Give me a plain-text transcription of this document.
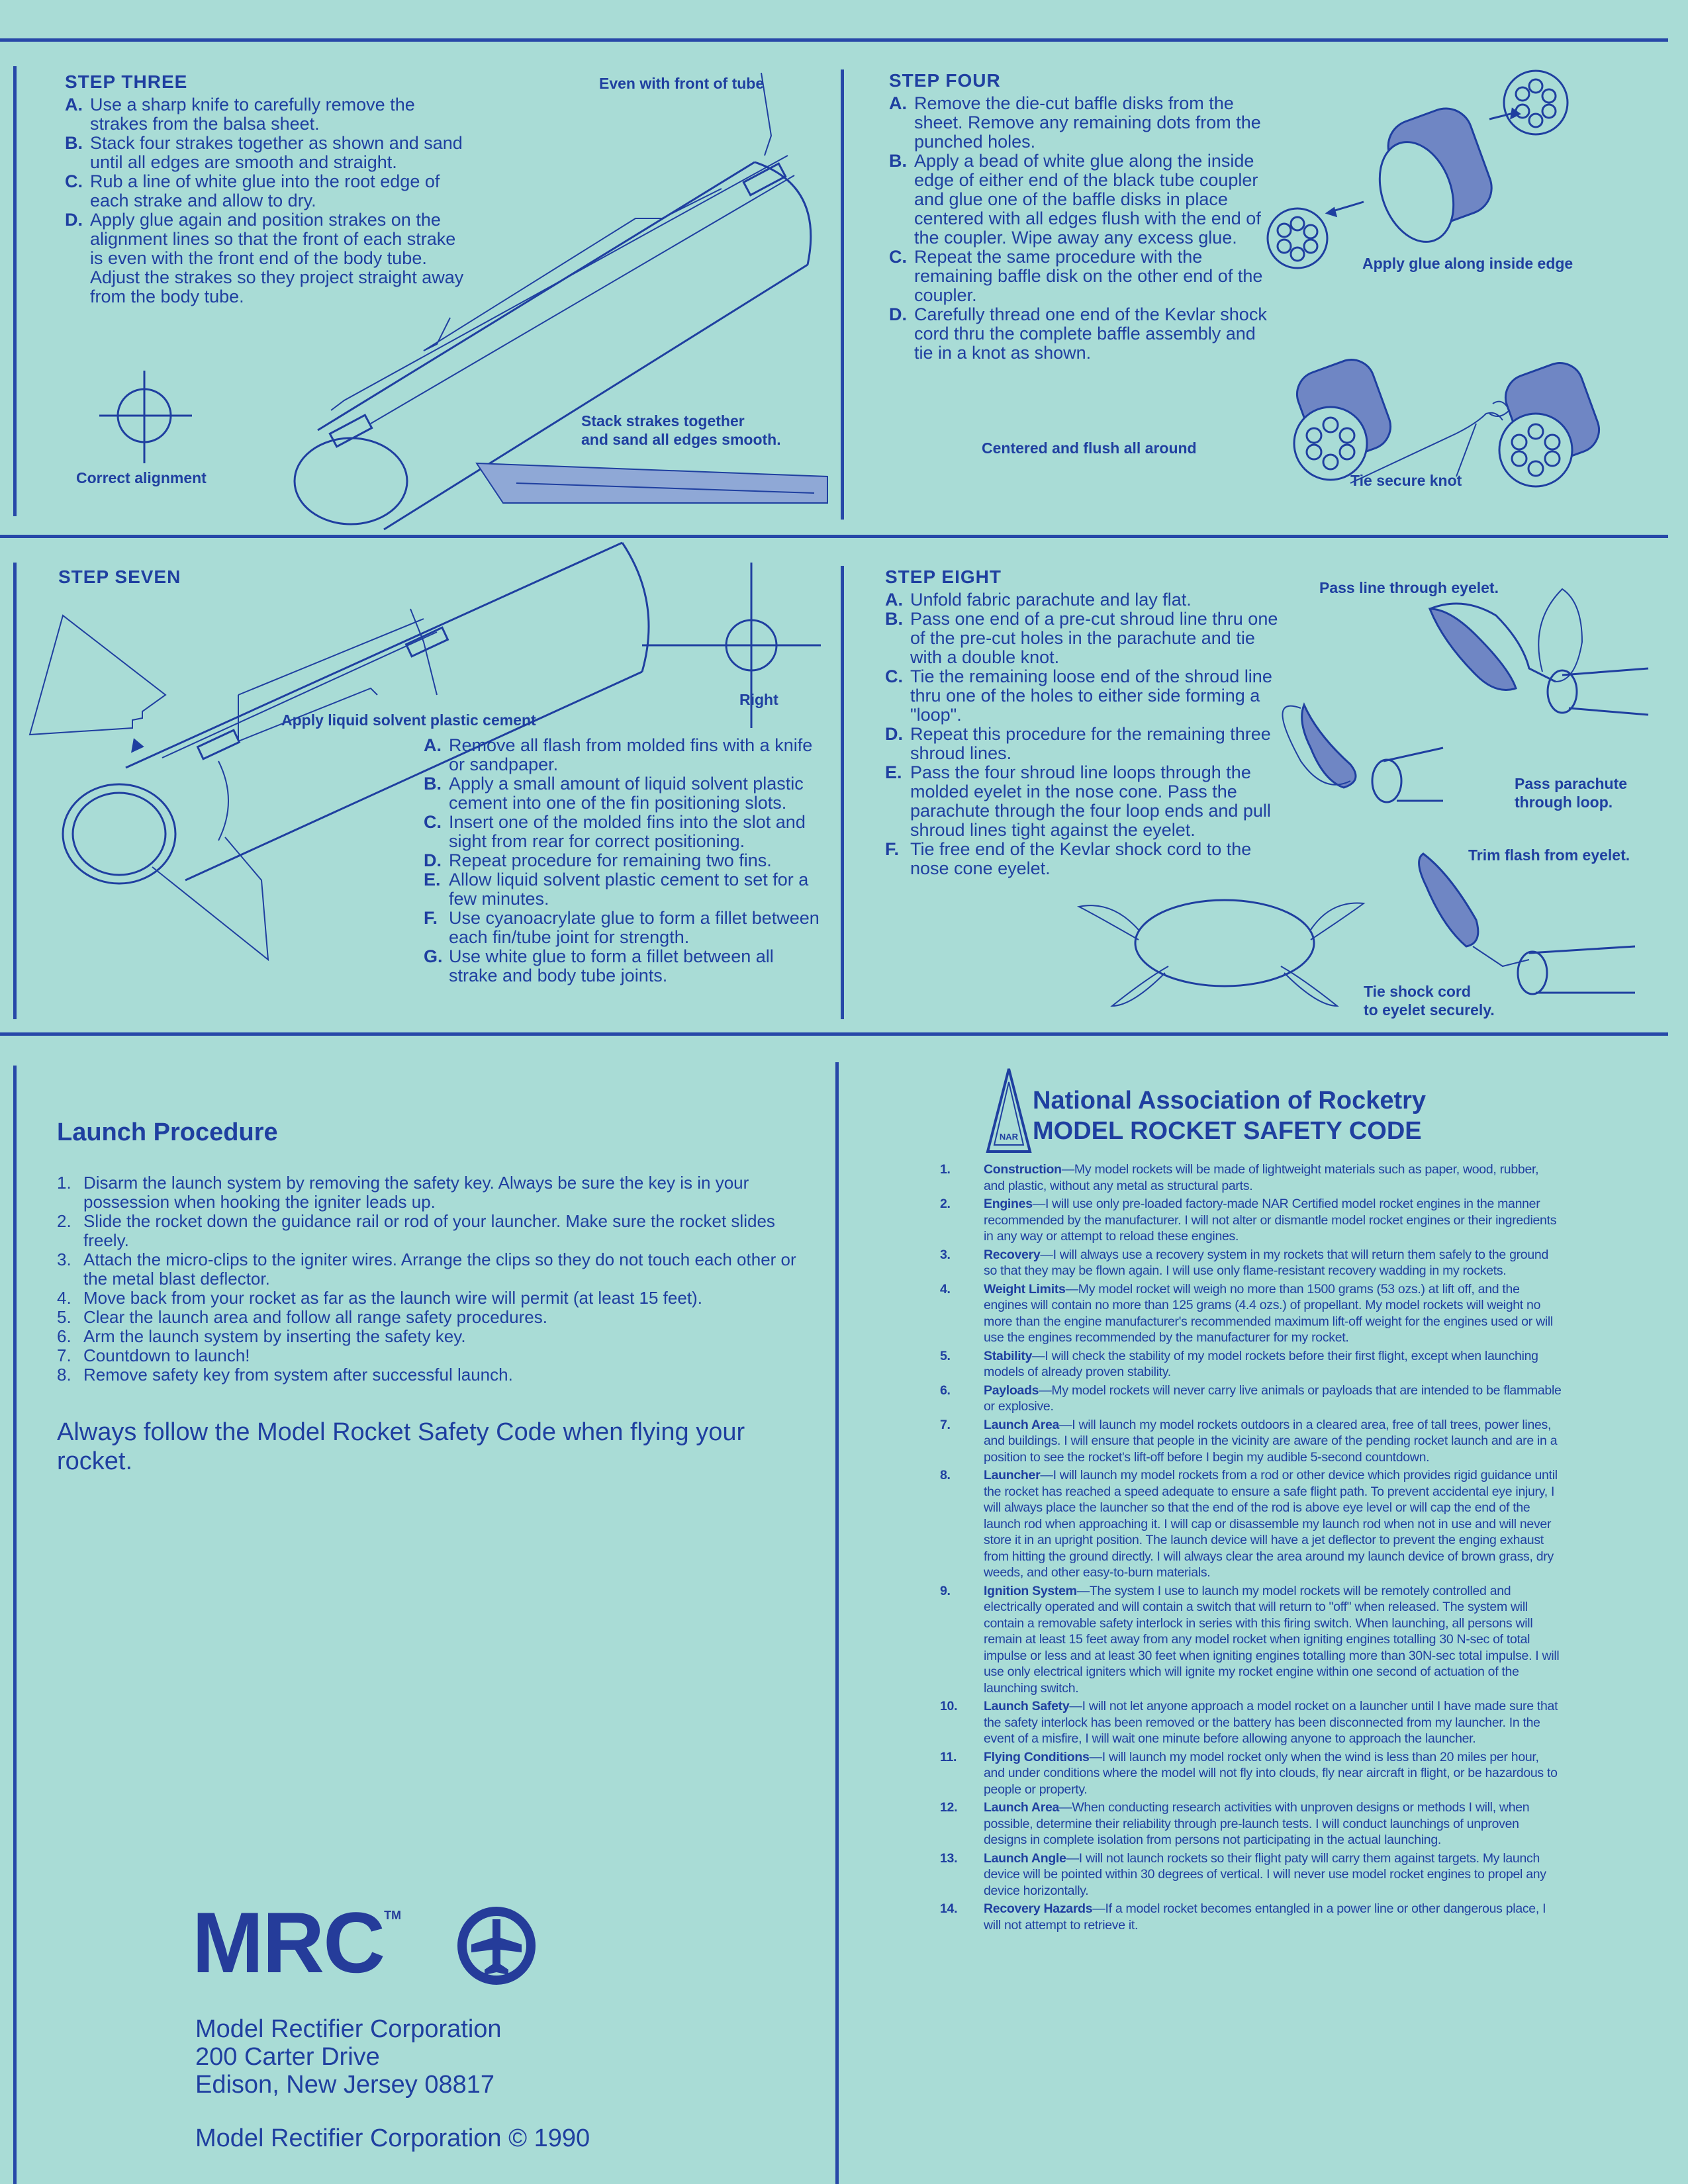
STEP THREE
A. Use a sharp knife to carefully remove the strakes from the balsa sheet.
B. Stack four strakes together as shown and sand until all edges are smooth and straight.
C. Rub a line of white glue into the root edge of each strake and allow to dry.
D. Apply glue again and position strakes on the alignment lines so that the front of each strake is even with the front end of the body tube. Adjust the strakes so they project straight away from the body tube.
Even with front of tube
Correct alignment
Stack strakes together
and sand all edges smooth.
STEP FOUR
A. Remove the die-cut baffle disks from the sheet. Remove any remaining dots from the punched holes.
B. Apply a bead of white glue along the inside edge of either end of the black tube coupler and glue one of the baffle disks in place centered with all edges flush with the end of the coupler. Wipe away any excess glue.
C. Repeat the same procedure with the remaining baffle disk on the other end of the coupler.
D. Carefully thread one end of the Kevlar shock cord thru the complete baffle assembly and tie in a knot as shown.
Apply glue along inside edge
Centered and flush all around
Tie secure knot
STEP SEVEN
A. Remove all flash from molded fins with a knife or sandpaper.
B. Apply a small amount of liquid solvent plastic cement into one of the fin positioning slots.
C. Insert one of the molded fins into the slot and sight from rear for correct positioning.
D. Repeat procedure for remaining two fins.
E. Allow liquid solvent plastic cement to set for a few minutes.
F. Use cyanoacrylate glue to form a fillet between each fin/tube joint for strength.
G. Use white glue to form a fillet between all strake and body tube joints.
Apply liquid solvent plastic cement
Right
STEP EIGHT
A. Unfold fabric parachute and lay flat.
B. Pass one end of a pre-cut shroud line thru one of the pre-cut holes in the parachute and tie with a double knot.
C. Tie the remaining loose end of the shroud line thru one of the holes to either side forming a "loop".
D. Repeat this procedure for the remaining three shroud lines.
E. Pass the four shroud line loops through the molded eyelet in the nose cone. Pass the parachute through the four loop ends and pull shroud lines tight against the eyelet.
F. Tie free end of the Kevlar shock cord to the nose cone eyelet.
Pass line through eyelet.
Pass parachute
through loop.
Trim flash from eyelet.
Tie shock cord
to eyelet securely.
Launch Procedure
1. Disarm the launch system by removing the safety key. Always be sure the key is in your possession when hooking the igniter leads up.
2. Slide the rocket down the guidance rail or rod of your launcher. Make sure the rocket slides freely.
3. Attach the micro-clips to the igniter wires. Arrange the clips so they do not touch each other or the metal blast deflector.
4. Move back from your rocket as far as the launch wire will permit (at least 15 feet).
5. Clear the launch area and follow all range safety procedures.
6. Arm the launch system by inserting the safety key.
7. Countdown to launch!
8. Remove safety key from system after successful launch.
Always follow the Model Rocket Safety Code when flying your rocket.
MRC™
Model Rectifier Corporation
200 Carter Drive
Edison, New Jersey 08817
Model Rectifier Corporation © 1990
NAR
National Association of Rocketry
MODEL ROCKET SAFETY CODE
1.	Construction—My model rockets will be made of lightweight materials such as paper, wood, rubber, and plastic, without any metal as structural parts.
2.	Engines—I will use only pre-loaded factory-made NAR Certified model rocket engines in the manner recommended by the manufacturer. I will not alter or dismantle model rocket engines or their ingredients in any way or attempt to reload these engines.
3.	Recovery—I will always use a recovery system in my rockets that will return them safely to the ground so that they may be flown again. I will use only flame-resistant recovery wadding in my rockets.
4.	Weight Limits—My model rocket will weigh no more than 1500 grams (53 ozs.) at lift off, and the engines will contain no more than 125 grams (4.4 ozs.) of propellant. My model rockets will weight no more than the engine manufacturer's recommended maximum lift-off weight for the engines used or will use the engines recommended by the manufacturer for my rocket.
5.	Stability—I will check the stability of my model rockets before their first flight, except when launching models of already proven stability.
6.	Payloads—My model rockets will never carry live animals or payloads that are intended to be flammable or explosive.
7.	Launch Area—I will launch my model rockets outdoors in a cleared area, free of tall trees, power lines, and buildings. I will ensure that people in the vicinity are aware of the pending rocket launch and are in a position to see the rocket's lift-off before I begin my audible 5-second countdown.
8.	Launcher—I will launch my model rockets from a rod or other device which provides rigid guidance until the rocket has reached a speed adequate to ensure a safe flight path. To prevent accidental eye injury, I will always place the launcher so that the end of the rod is above eye level or will cap the end of the launch rod when approaching it. I will cap or disassemble my launch rod when not in use and will never store it in an upright position. The launch device will have a jet deflector to prevent the enging exhaust from hitting the ground directly. I will always clear the area around my launch device of brown grass, dry weeds, and other easy-to-burn materials.
9.	Ignition System—The system I use to launch my model rockets will be remotely controlled and electrically operated and will contain a switch that will return to "off" when released. The system will contain a removable safety interlock in series with this firing switch. When launching, all persons will remain at least 15 feet away from any model rocket when igniting engines totalling 30 N-sec of total impulse or less and at least 30 feet when igniting engines totalling more than 30N-sec total impulse. I will use only electrical igniters which will ignite my rocket engine within one second of actuation of the launching switch.
10. Launch Safety—I will not let anyone approach a model rocket on a launcher until I have made sure that the safety interlock has been removed or the battery has been disconnected from my launcher. In the event of a misfire, I will wait one minute before allowing anyone to approach the launcher.
11. Flying Conditions—I will launch my model rocket only when the wind is less than 20 miles per hour, and under conditions where the model will not fly into clouds, fly near aircraft in flight, or be hazardous to people or property.
12. Launch Area—When conducting research activities with unproven designs or methods I will, when possible, determine their reliability through pre-launch tests. I will conduct launchings of unproven designs in complete isolation from persons not participating in the actual launching.
13. Launch Angle—I will not launch rockets so their flight paty will carry them against targets. My launch device will be pointed within 30 degrees of vertical. I will never use model rocket engines to propel any device horizontally.
14. Recovery Hazards—If a model rocket becomes entangled in a power line or other dangerous place, I will not attempt to retrieve it.
